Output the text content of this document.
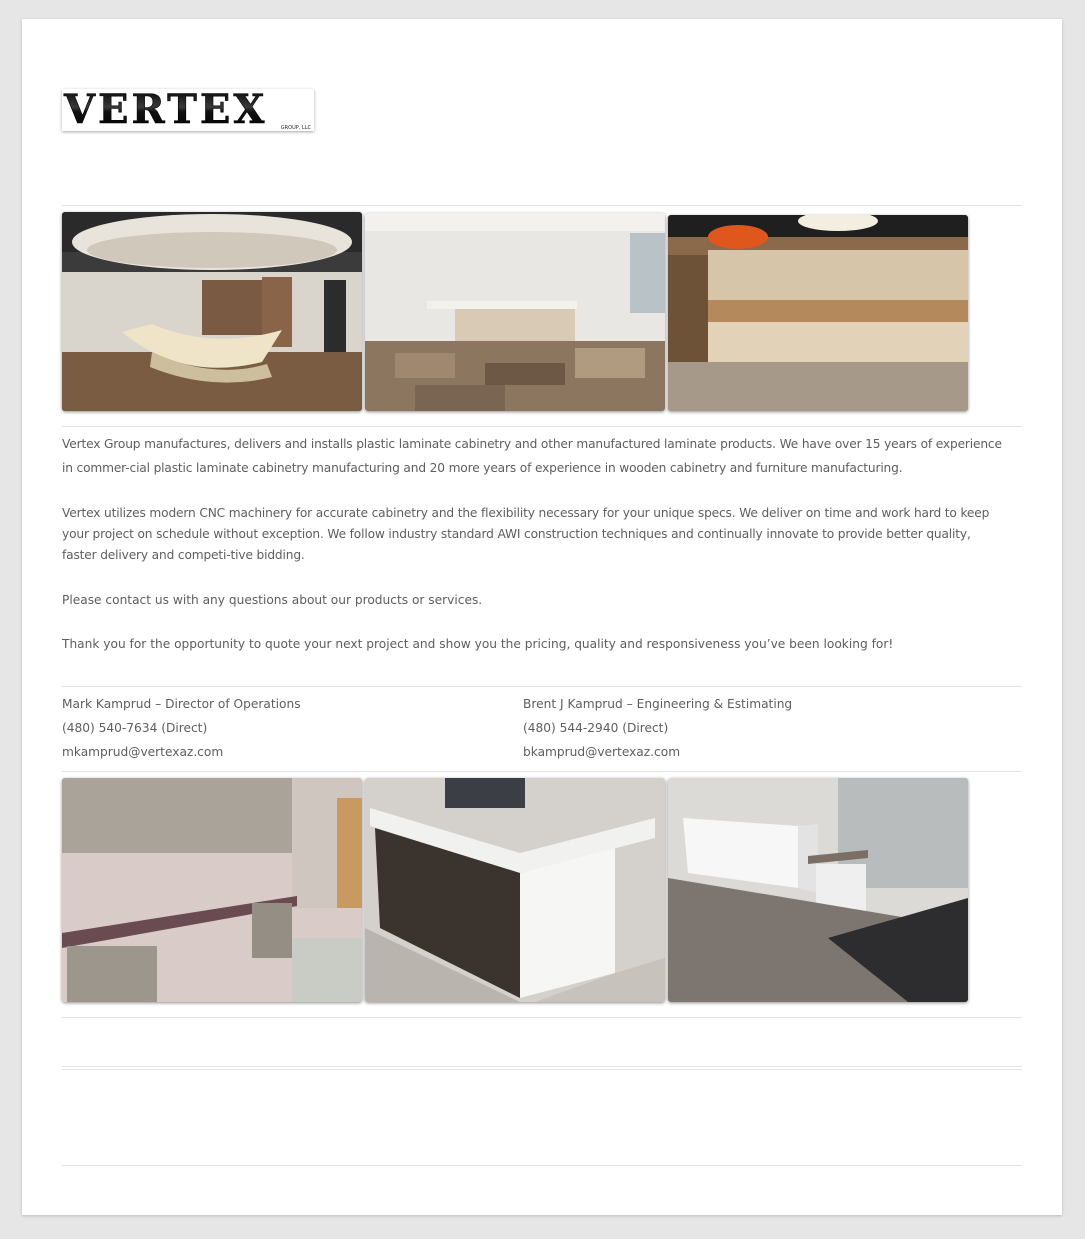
VERTEX	GROUP, LLC

Vertex Group manufactures, delivers and installs plastic laminate cabinetry and other manufactured laminate products. We have over 15 years of experience in commer-cial plastic laminate cabinetry manufacturing and 20 more years of experience in wooden cabinetry and furniture manufacturing.

Vertex utilizes modern CNC machinery for accurate cabinetry and the flexibility necessary for your unique specs. We deliver on time and work hard to keep your project on schedule without exception. We follow industry standard AWI construction techniques and continually innovate to provide better quality, faster delivery and competi-tive bidding.

Please contact us with any questions about our products or services.

Thank you for the opportunity to quote your next project and show you the pricing, quality and responsiveness you’ve been looking for!

Mark Kamprud – Director of Operations
(480) 540-7634 (Direct)
mkamprud@vertexaz.com
Brent J Kamprud – Engineering & Estimating
(480) 544-2940 (Direct)
bkamprud@vertexaz.com
